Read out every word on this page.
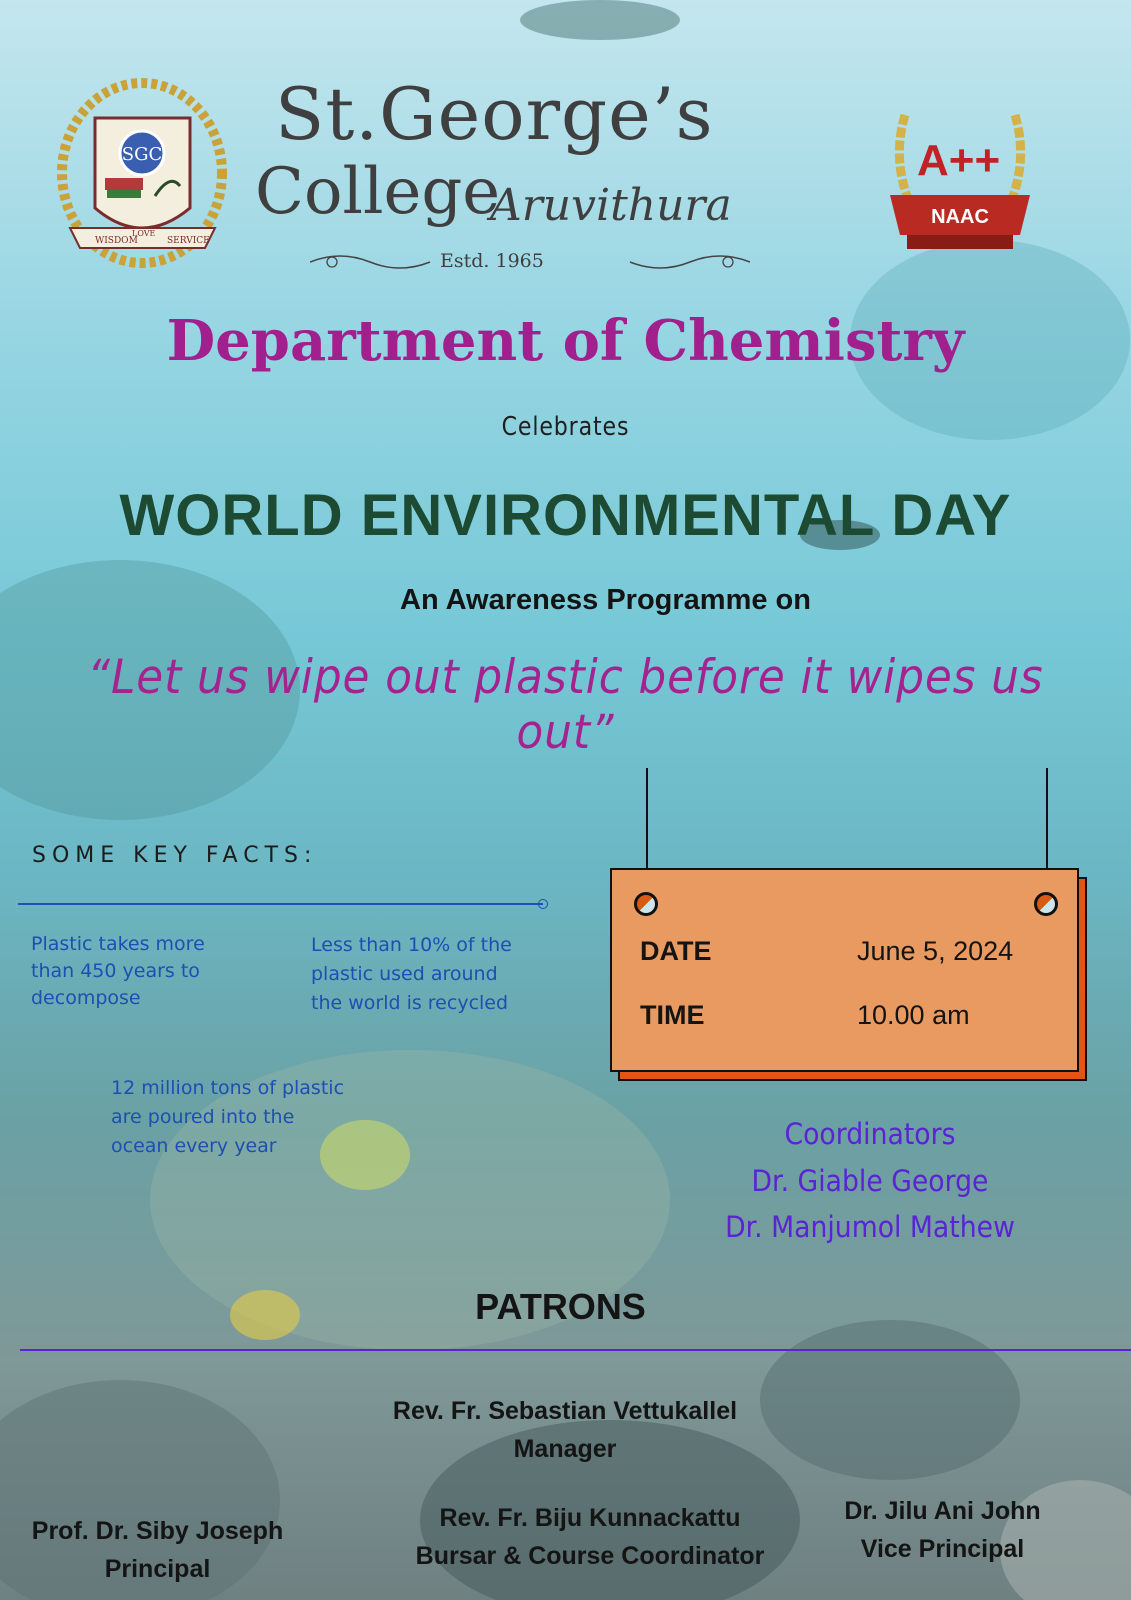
SGC
WISDOM
LOVE
SERVICE
St.George’s
College
Aruvithura
Estd. 1965
A++
NAAC
Department of Chemistry
Celebrates
WORLD ENVIRONMENTAL DAY
An Awareness Programme on
“Let us wipe out plastic before it wipes us out”
SOME KEY FACTS:
Plastic takes more
than 450 years to
decompose
Less than 10% of the
plastic used around
the world is recycled
12 million tons of plastic
are poured into the
ocean every year
DATE	June 5, 2024
TIME	10.00 am
Coordinators
Dr. Giable George
Dr. Manjumol Mathew
PATRONS
Rev. Fr. Sebastian Vettukallel
Manager
Prof. Dr. Siby Joseph
Principal
Rev. Fr. Biju Kunnackattu
Bursar & Course Coordinator
Dr. Jilu Ani John
Vice Principal
